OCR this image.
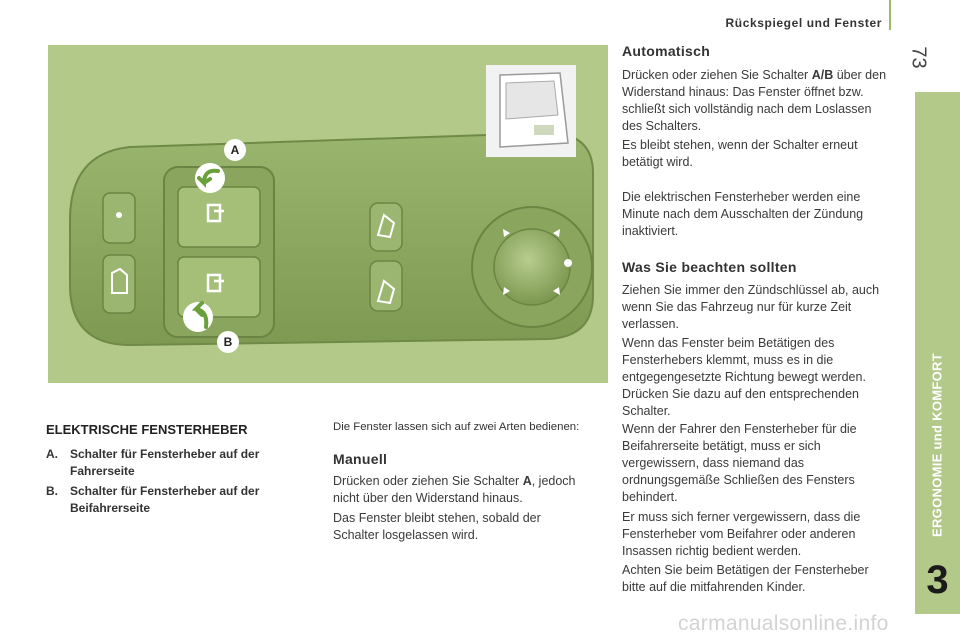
Rückspiegel und Fenster
73
ERGONOMIE und KOMFORT
3
A
B
ELEKTRISCHE FENSTERHEBER
A. Schalter für Fensterheber auf der Fahrerseite
B. Schalter für Fensterheber auf der Beifahrerseite
Die Fenster lassen sich auf zwei Arten bedienen:
Manuell

Drücken oder ziehen Sie Schalter A, jedoch nicht über den Widerstand hinaus.

Das Fenster bleibt stehen, sobald der Schalter losgelassen wird.

Automatisch

Drücken oder ziehen Sie Schalter A/B über den Widerstand hinaus: Das Fenster öffnet bzw. schließt sich vollständig nach dem Loslassen des Schalters.

Es bleibt stehen, wenn der Schalter erneut betätigt wird.

Die elektrischen Fensterheber werden eine Minute nach dem Ausschalten der Zündung inaktiviert.

Was Sie beachten sollten

Ziehen Sie immer den Zündschlüssel ab, auch wenn Sie das Fahrzeug nur für kurze Zeit verlassen.

Wenn das Fenster beim Betätigen des Fensterhebers klemmt, muss es in die entgegengesetzte Richtung bewegt werden. Drücken Sie dazu auf den entsprechenden Schalter.

Wenn der Fahrer den Fensterheber für die Beifahrerseite betätigt, muss er sich vergewissern, dass niemand das ordnungsgemäße Schließen des Fensters behindert.

Er muss sich ferner vergewissern, dass die Fensterheber vom Beifahrer oder anderen Insassen richtig bedient werden.

Achten Sie beim Betätigen der Fensterheber bitte auf die mitfahrenden Kinder.

carmanualsonline.info
